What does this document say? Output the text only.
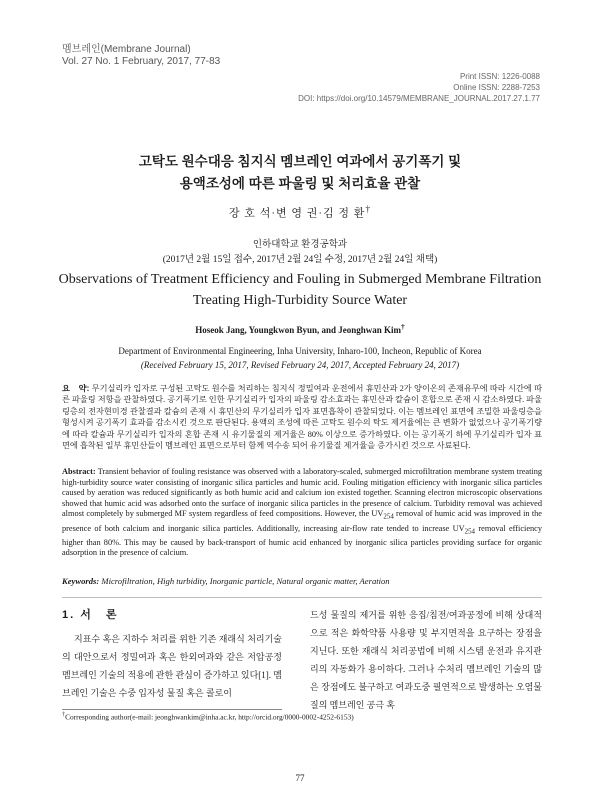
멤브레인(Membrane Journal)
Vol. 27 No. 1 February, 2017, 77-83
Print ISSN: 1226-0088
Online ISSN: 2288-7253
DOI: https://doi.org/10.14579/MEMBRANE_JOURNAL.2017.27.1.77
고탁도 원수대응 침지식 멤브레인 여과에서 공기폭기 및
용액조성에 따른 파울링 및 처리효율 관찰
장 호 석·변 영 권·김 정 환†
인하대학교 환경공학과
(2017년 2월 15일 접수, 2017년 2월 24일 수정, 2017년 2월 24일 채택)
Observations of Treatment Efficiency and Fouling in Submerged Membrane Filtration
Treating High-Turbidity Source Water
Hoseok Jang, Youngkwon Byun, and Jeonghwan Kim†
Department of Environmental Engineering, Inha University, Inharo-100, Incheon, Republic of Korea
(Received February 15, 2017, Revised February 24, 2017, Accepted February 24, 2017)
요　약: 무기실리카 입자로 구성된 고탁도 원수를 처리하는 침지식 정밀여과 운전에서 휴민산과 2가 양이온의 존재유무에 따라 시간에 따른 파울링 저항을 관찰하였다. 공기폭기로 인한 무기실리카 입자의 파울링 감소효과는 휴민산과 칼슘이 혼합으로 존재 시 감소하였다. 파울링층의 전자현미경 관찰결과 칼슘의 존재 시 휴민산의 무기실리카 입자 표면흡착이 관찰되었다. 이는 멤브레인 표면에 조밀한 파울링층을 형성시켜 공기폭기 효과를 감소시킨 것으로 판단된다. 용액의 조성에 따른 고탁도 원수의 탁도 제거율에는 큰 변화가 없었으나 공기폭기량에 따라 칼슘과 무기실리카 입자의 혼합 존재 시 유기물질의 제거율은 80% 이상으로 증가하였다. 이는 공기폭기 하에 무기실리카 입자 표면에 흡착된 일부 휴민산들이 멤브레인 표면으로부터 함께 역수송 되어 유기물질 제거율을 증가시킨 것으로 사료된다.
Abstract: Transient behavior of fouling resistance was observed with a laboratory-scaled, submerged microfiltration membrane system treating high-turbidity source water consisting of inorganic silica particles and humic acid. Fouling mitigation efficiency with inorganic silica particles caused by aeration was reduced significantly as both humic acid and calcium ion existed together. Scanning electron microscopic observations showed that humic acid was adsorbed onto the surface of inorganic silica particles in the presence of calcium. Turbidity removal was achieved almost completely by submerged MF system regardless of feed compositions. However, the $UV_{254}$ removal of humic acid was improved in the presence of both calcium and inorganic silica particles. Additionally, increasing air-flow rate tended to increase $UV_{254}$ removal efficiency higher than 80%. This may be caused by back-transport of humic acid enhanced by inorganic silica particles providing surface for organic adsorption in the presence of calcium.
Keywords: Microfiltration, High turbidity, Inorganic particle, Natural organic matter, Aeration
1. 서　론
지표수 혹은 지하수 처리를 위한 기존 재래식 처리기술의 대안으로서 정밀여과 혹은 한외여과와 같은 저압공정 멤브레인 기술의 적용에 관한 관심이 증가하고 있다[1]. 멤브레인 기술은 수중 입자성 물질 혹은 콜로이
드성 물질의 제거를 위한 응집/침전/여과공정에 비해 상대적으로 적은 화학약품 사용량 및 부지면적을 요구하는 장점을 지닌다. 또한 재래식 처리공법에 비해 시스템 운전과 유지관리의 자동화가 용이하다. 그러나 수처리 멤브레인 기술의 많은 장점에도 불구하고 여과도중 필연적으로 발생하는 오염물질의 멤브레인 공극 혹
†Corresponding author(e-mail: jeonghwankim@inha.ac.kr, http://orcid.org/0000-0002-4252-6153)
77
